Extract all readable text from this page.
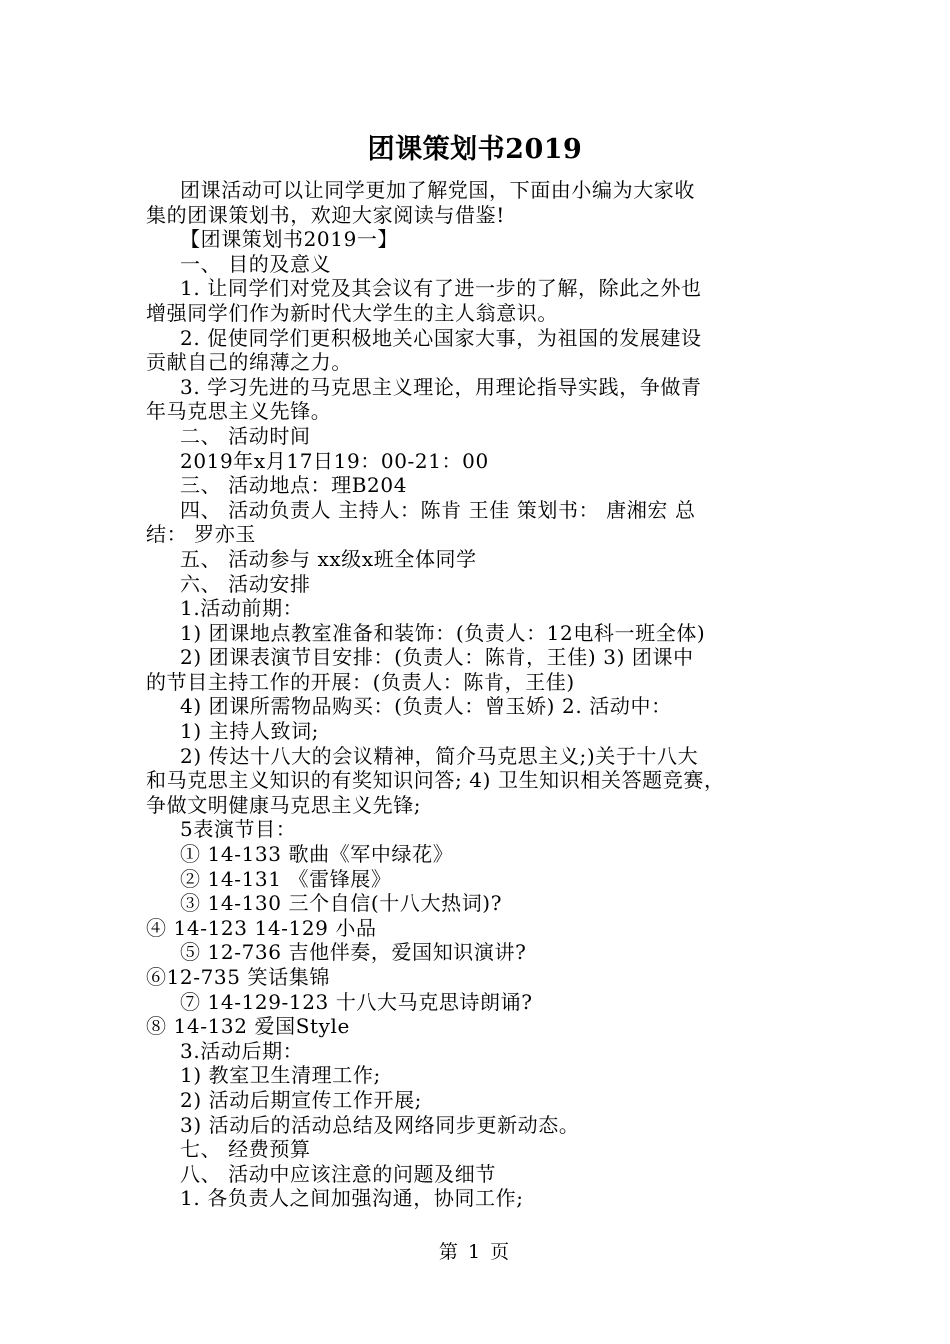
团课策划书2019
团课活动可以让同学更加了解党国，下面由小编为大家收
集的团课策划书，欢迎大家阅读与借鉴!
【团课策划书2019一】
一、 目的及意义
1. 让同学们对党及其会议有了进一步的了解，除此之外也
增强同学们作为新时代大学生的主人翁意识。
2. 促使同学们更积极地关心国家大事，为祖国的发展建设
贡献自己的绵薄之力。
3. 学习先进的马克思主义理论，用理论指导实践，争做青
年马克思主义先锋。
二、 活动时间
2019年x月17日19：00-21：00
三、 活动地点：理B204
四、 活动负责人 主持人：陈肯 王佳 策划书： 唐湘宏 总
结： 罗亦玉
五、 活动参与 xx级x班全体同学
六、 活动安排
1.活动前期：
1) 团课地点教室准备和装饰：(负责人：12电科一班全体)
2) 团课表演节目安排：(负责人：陈肯，王佳) 3) 团课中
的节目主持工作的开展：(负责人：陈肯，王佳)
4) 团课所需物品购买：(负责人：曾玉娇) 2. 活动中：
1) 主持人致词;
2) 传达十八大的会议精神，简介马克思主义;)关于十八大
和马克思主义知识的有奖知识问答; 4) 卫生知识相关答题竞赛，
争做文明健康马克思主义先锋;
5表演节目：
① 14-133 歌曲《军中绿花》
② 14-131 《雷锋展》
③ 14-130 三个自信(十八大热词)?
④ 14-123 14-129 小品
⑤ 12-736 吉他伴奏，爱国知识演讲?
⑥12-735 笑话集锦
⑦ 14-129-123 十八大马克思诗朗诵?
⑧ 14-132 爱国Style
3.活动后期：
1) 教室卫生清理工作;
2) 活动后期宣传工作开展;
3) 活动后的活动总结及网络同步更新动态。
七、 经费预算
八、 活动中应该注意的问题及细节
1. 各负责人之间加强沟通，协同工作;
第 1 页
